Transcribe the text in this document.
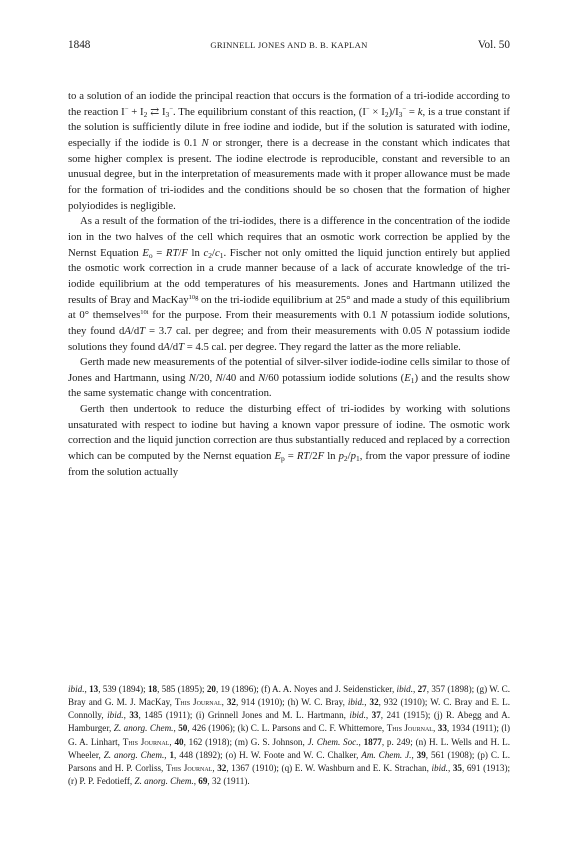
1848	GRINNELL JONES AND B. B. KAPLAN	Vol. 50

to a solution of an iodide the principal reaction that occurs is the formation of a tri-iodide according to the reaction $I^- + I_2$ ⇄ $I_3^-$. The equilibrium constant of this reaction, $(I^- \times I_2)/I_3^- = k$, is a true constant if the solution is sufficiently dilute in free iodine and iodide, but if the solution is saturated with iodine, especially if the iodide is 0.1 N or stronger, there is a decrease in the constant which indicates that some higher complex is present. The iodine electrode is reproducible, constant and reversible to an unusual degree, but in the interpretation of measurements made with it proper allowance must be made for the formation of tri-iodides and the conditions should be so chosen that the formation of higher polyiodides is negligible.

As a result of the formation of the tri-iodides, there is a difference in the concentration of the iodide ion in the two halves of the cell which requires that an osmotic work correction be applied by the Nernst Equation $E_o = RT/F$ $\ln c_2/c_1$. Fischer not only omitted the liquid junction entirely but applied the osmotic work correction in a crude manner because of a lack of accurate knowledge of the tri-iodide equilibrium at the odd temperatures of his measurements. Jones and Hartmann utilized the results of Bray and MacKay$^{10g}$ on the tri-iodide equilibrium at 25° and made a study of this equilibrium at 0° themselves$^{10i}$ for the purpose. From their measurements with 0.1 N potassium iodide solutions, they found dA/dT = 3.7 cal. per degree; and from their measurements with 0.05 N potassium iodide solutions they found dA/dT = 4.5 cal. per degree. They regard the latter as the more reliable.

Gerth made new measurements of the potential of silver-silver iodide-iodine cells similar to those of Jones and Hartmann, using N/20, N/40 and N/60 potassium iodide solutions $(E_1)$ and the results show the same systematic change with concentration.

Gerth then undertook to reduce the disturbing effect of tri-iodides by working with solutions unsaturated with respect to iodine but having a known vapor pressure of iodine. The osmotic work correction and the liquid junction correction are thus substantially reduced and replaced by a correction which can be computed by the Nernst equation $E_p = RT/2F$ $\ln p_2/p_1$, from the vapor pressure of iodine from the solution actually

ibid., 13, 539 (1894); 18, 585 (1895); 20, 19 (1896); (f) A. A. Noyes and J. Seidensticker, ibid., 27, 357 (1898); (g) W. C. Bray and G. M. J. MacKay, This Journal, 32, 914 (1910); (h) W. C. Bray, ibid., 32, 932 (1910); W. C. Bray and E. L. Connolly, ibid., 33, 1485 (1911); (i) Grinnell Jones and M. L. Hartmann, ibid., 37, 241 (1915); (j) R. Abegg and A. Hamburger, Z. anorg. Chem., 50, 426 (1906); (k) C. L. Parsons and C. F. Whittemore, This Journal, 33, 1934 (1911); (l) G. A. Linhart, This Journal, 40, 162 (1918); (m) G. S. Johnson, J. Chem. Soc., 1877, p. 249; (n) H. L. Wells and H. L. Wheeler, Z. anorg. Chem., 1, 448 (1892); (o) H. W. Foote and W. C. Chalker, Am. Chem. J., 39, 561 (1908); (p) C. L. Parsons and H. P. Corliss, This Journal, 32, 1367 (1910); (q) E. W. Washburn and E. K. Strachan, ibid., 35, 691 (1913); (r) P. P. Fedotieff, Z. anorg. Chem., 69, 32 (1911).
